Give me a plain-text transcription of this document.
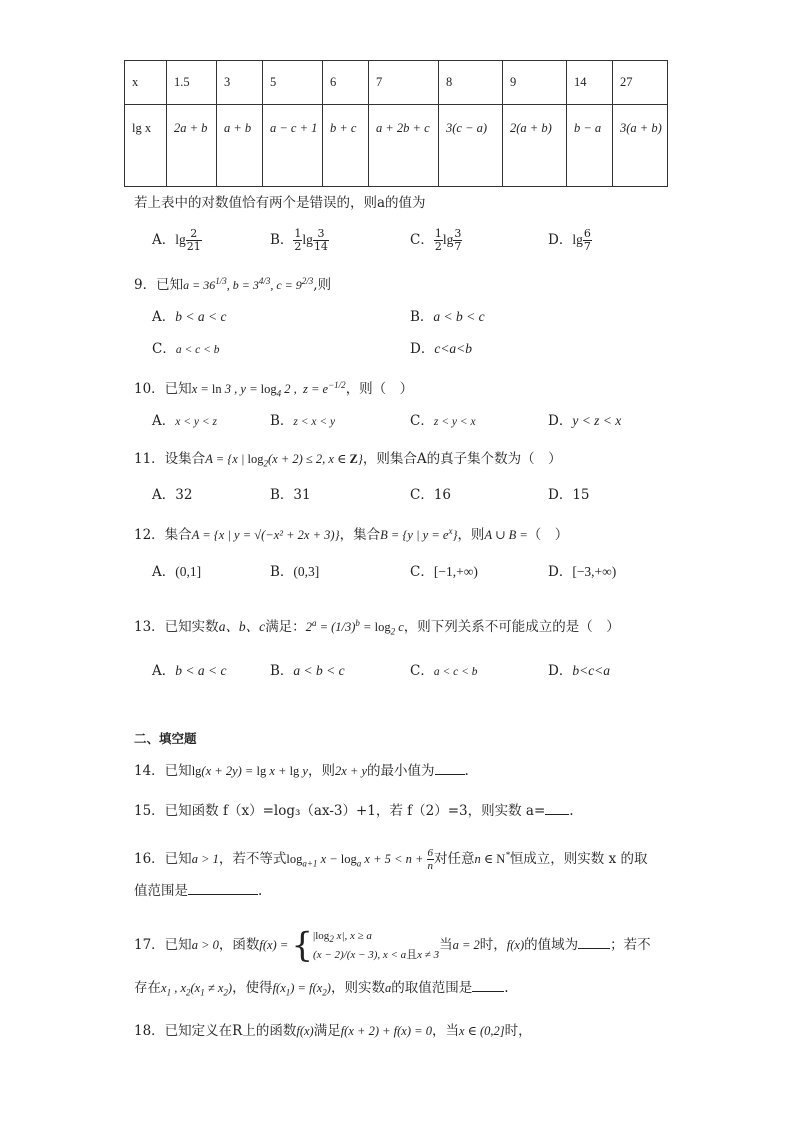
x	1.5	3	5	6	7	8	9	14	27
lg x	2a + b	a + b	a − c + 1	b + c	a + 2b + c	3(c − a)	2(a + b)	b − a	3(a + b)
若上表中的对数值恰有两个是错误的，则a的值为
A．$\lg \frac{2}{21}$	B． $\frac{1}{2}$ $\lg \frac{3}{14}$	C． $\frac{1}{2}$ $\lg \frac{3}{7}$	D．$\lg \frac{6}{7}$
9．已知$a = 36^{1/3}$, $b = 3^{4/3}$, $c = 9^{2/3}$,则
A．b < a < c	B．a < b < c
C．a < c < b	D．c<a<b
10．已知x = ln 3 , $y = \log_4 2$ ,  $z = e^{-1/2}$，则（　）
A．x < y < z	B．z < x < y	C．z < y < x	D．y < z < x
11．设集合A = {x | $\log_2(x + 2) \le 2$, x ∈ Z}，则集合A的真子集个数为（　）
A．32	B．31	C．16	D．15
12．集合A = {x | y = √(−x² + 2x + 3)}，集合B = {y | $y = e^x$}，则A ∪ B =（　）
A．(0,1]	B．(0,3]	C．[−1,+∞)	D．[−3,+∞)
13．已知实数a、b、c满足：$2^a = (1/3)^b = \log_2 c$，则下列关系不可能成立的是（　）
A．b < a < c	B．a < b < c	C．a < c < b	D．b<c<a
二、填空题
14．已知lg(x + 2y) = lg x + lg y，则2x + y的最小值为 .
15．已知函数 f（x）=log₃（ax-3）+1，若 f（2）=3，则实数 a= .
16．已知a > 1，若不等式$\log_{a+1} x - \log_a x + 5 < n + \frac{6}{n}$ 对任意n ∈ N*恒成立，则实数 x 的取
值范围是	.
17．已知a > 0，函数f(x) = { $|\log_2$ x|, x ≥ a
(x − 2)/(x − 3), x < a且x ≠ 3
当a = 2时，f(x)的值域为 ；若不
存在$x_1$ , $x_2(x_1 \ne x_2)$，使得$f(x_1) = f(x_2)$，则实数a的取值范围是 .
18．已知定义在R上的函数f(x)满足f(x + 2) + f(x) = 0，当x ∈ (0,2]时，
